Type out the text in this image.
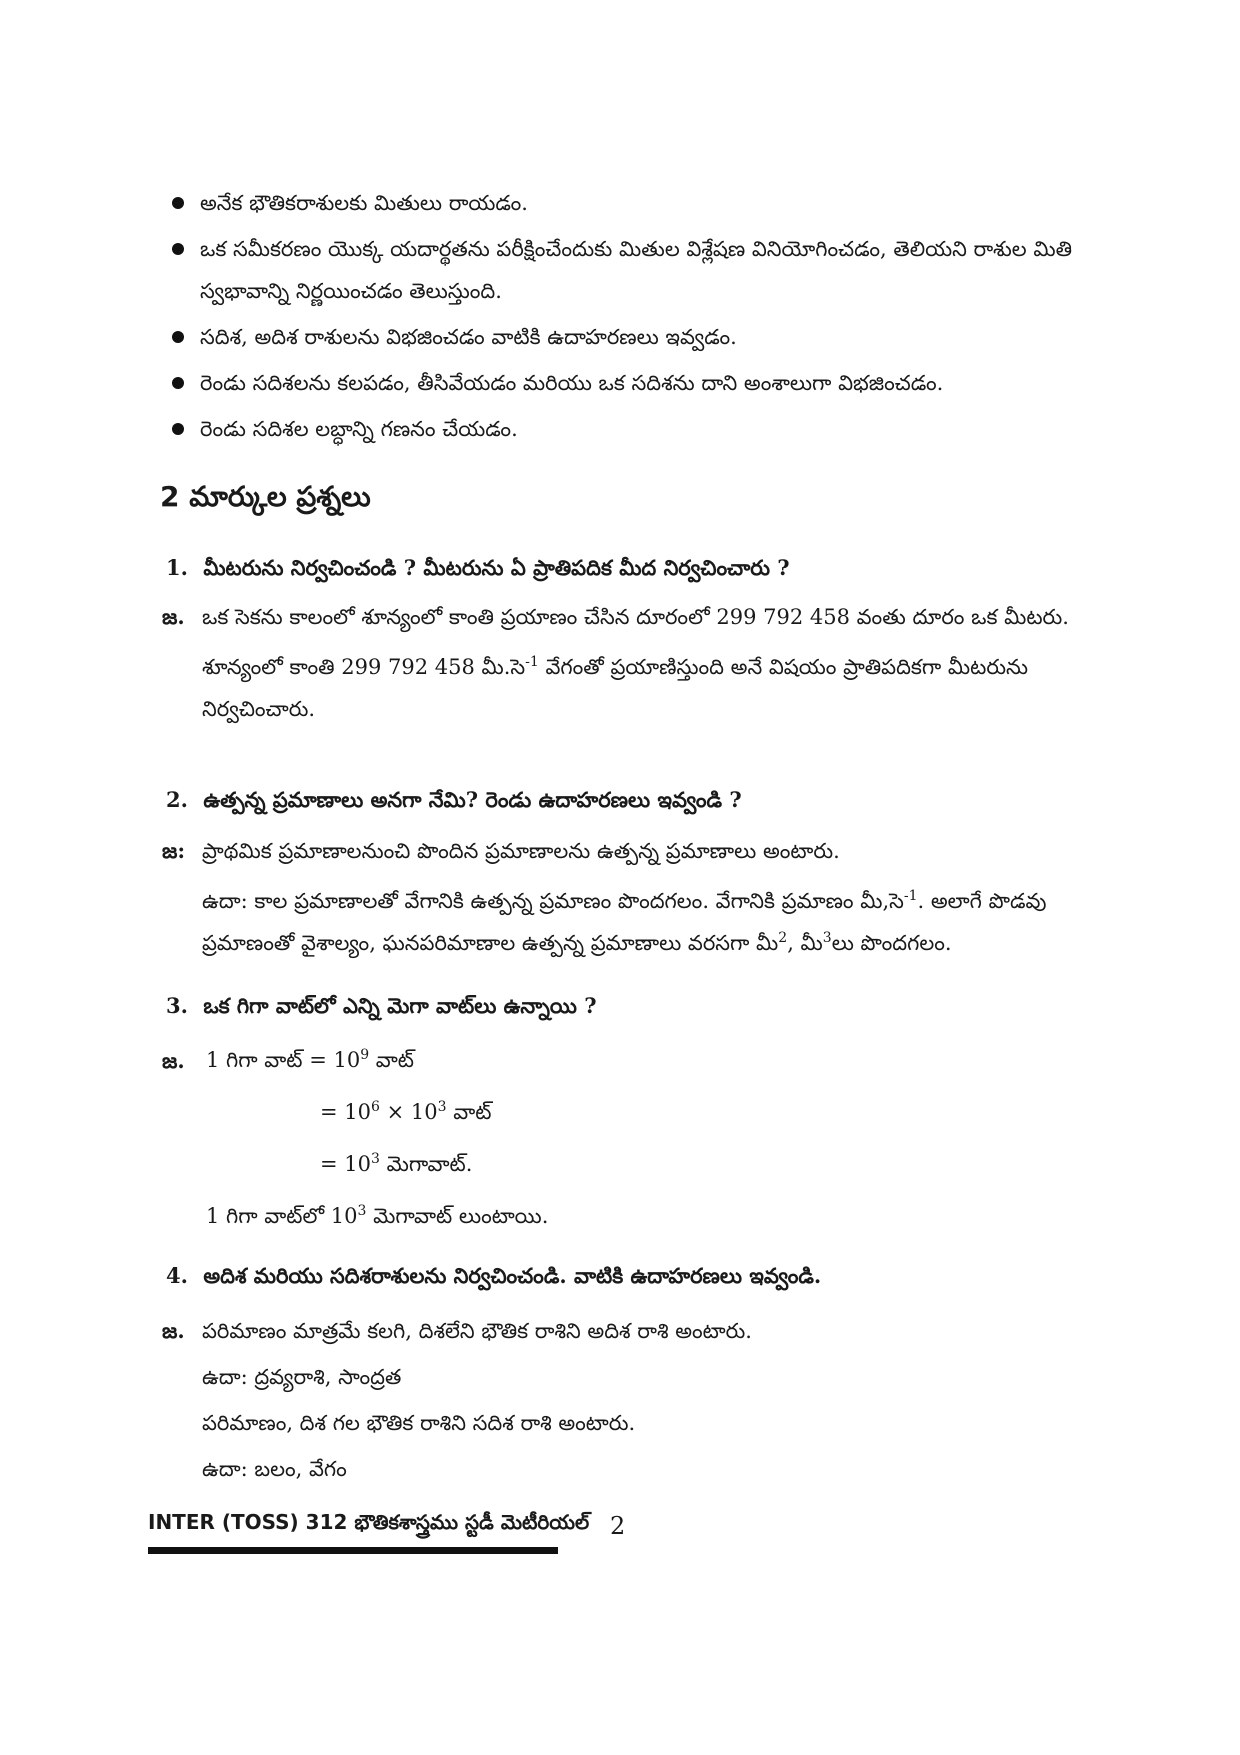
అనేక భౌతికరాశులకు మితులు రాయడం.
ఒక సమీకరణం యొక్క యదార్థతను పరీక్షించేందుకు మితుల విశ్లేషణ వినియోగించడం, తెలియని రాశుల మితి స్వభావాన్ని నిర్ణయించడం తెలుస్తుంది.
సదిశ, అదిశ రాశులను విభజించడం వాటికి ఉదాహరణలు ఇవ్వడం.
రెండు సదిశలను కలపడం, తీసివేయడం మరియు ఒక సదిశను దాని అంశాలుగా విభజించడం.
రెండు సదిశల లబ్ధాన్ని గణనం చేయడం.
2 మార్కుల ప్రశ్నలు
1. మీటరును నిర్వచించండి ? మీటరును ఏ ప్రాతిపదిక మీద నిర్వచించారు ?
జ. ఒక సెకను కాలంలో శూన్యంలో కాంతి ప్రయాణం చేసిన దూరంలో 299 792 458 వంతు దూరం ఒక మీటరు.

శూన్యంలో కాంతి 299 792 458 మీ.సె$^{-1}$ వేగంతో ప్రయాణిస్తుంది అనే విషయం ప్రాతిపదికగా మీటరును నిర్వచించారు.

2. ఉత్పన్న ప్రమాణాలు అనగా నేమి? రెండు ఉదాహరణలు ఇవ్వండి ?
జ: ప్రాథమిక ప్రమాణాలనుంచి పొందిన ప్రమాణాలను ఉత్పన్న ప్రమాణాలు అంటారు.

ఉదా: కాల ప్రమాణాలతో వేగానికి ఉత్పన్న ప్రమాణం పొందగలం. వేగానికి ప్రమాణం మీ,సె$^{-1}$. అలాగే పొడవు ప్రమాణంతో వైశాల్యం, ఘనపరిమాణాల ఉత్పన్న ప్రమాణాలు వరసగా మీ$^2$, మీ$^3$లు పొందగలం.

3. ఒక గిగా వాట్‌లో ఎన్ని మెగా వాట్‌లు ఉన్నాయి ?
జ.	1 గిగా వాట్ = $10^9$ వాట్
= $10^6 \times 10^3$ వాట్
= $10^3$ మెగావాట్.
1 గిగా వాట్‌లో $10^3$ మెగావాట్ లుంటాయి.
4. అదిశ మరియు సదిశరాశులను నిర్వచించండి. వాటికి ఉదాహరణలు ఇవ్వండి.
జ. పరిమాణం మాత్రమే కలగి, దిశలేని భౌతిక రాశిని అదిశ రాశి అంటారు.

ఉదా: ద్రవ్యరాశి, సాంద్రత

పరిమాణం, దిశ గల భౌతిక రాశిని సదిశ రాశి అంటారు.

ఉదా: బలం, వేగం

INTER (TOSS) 312 భౌతికశాస్త్రము స్టడీ మెటీరియల్ 2
